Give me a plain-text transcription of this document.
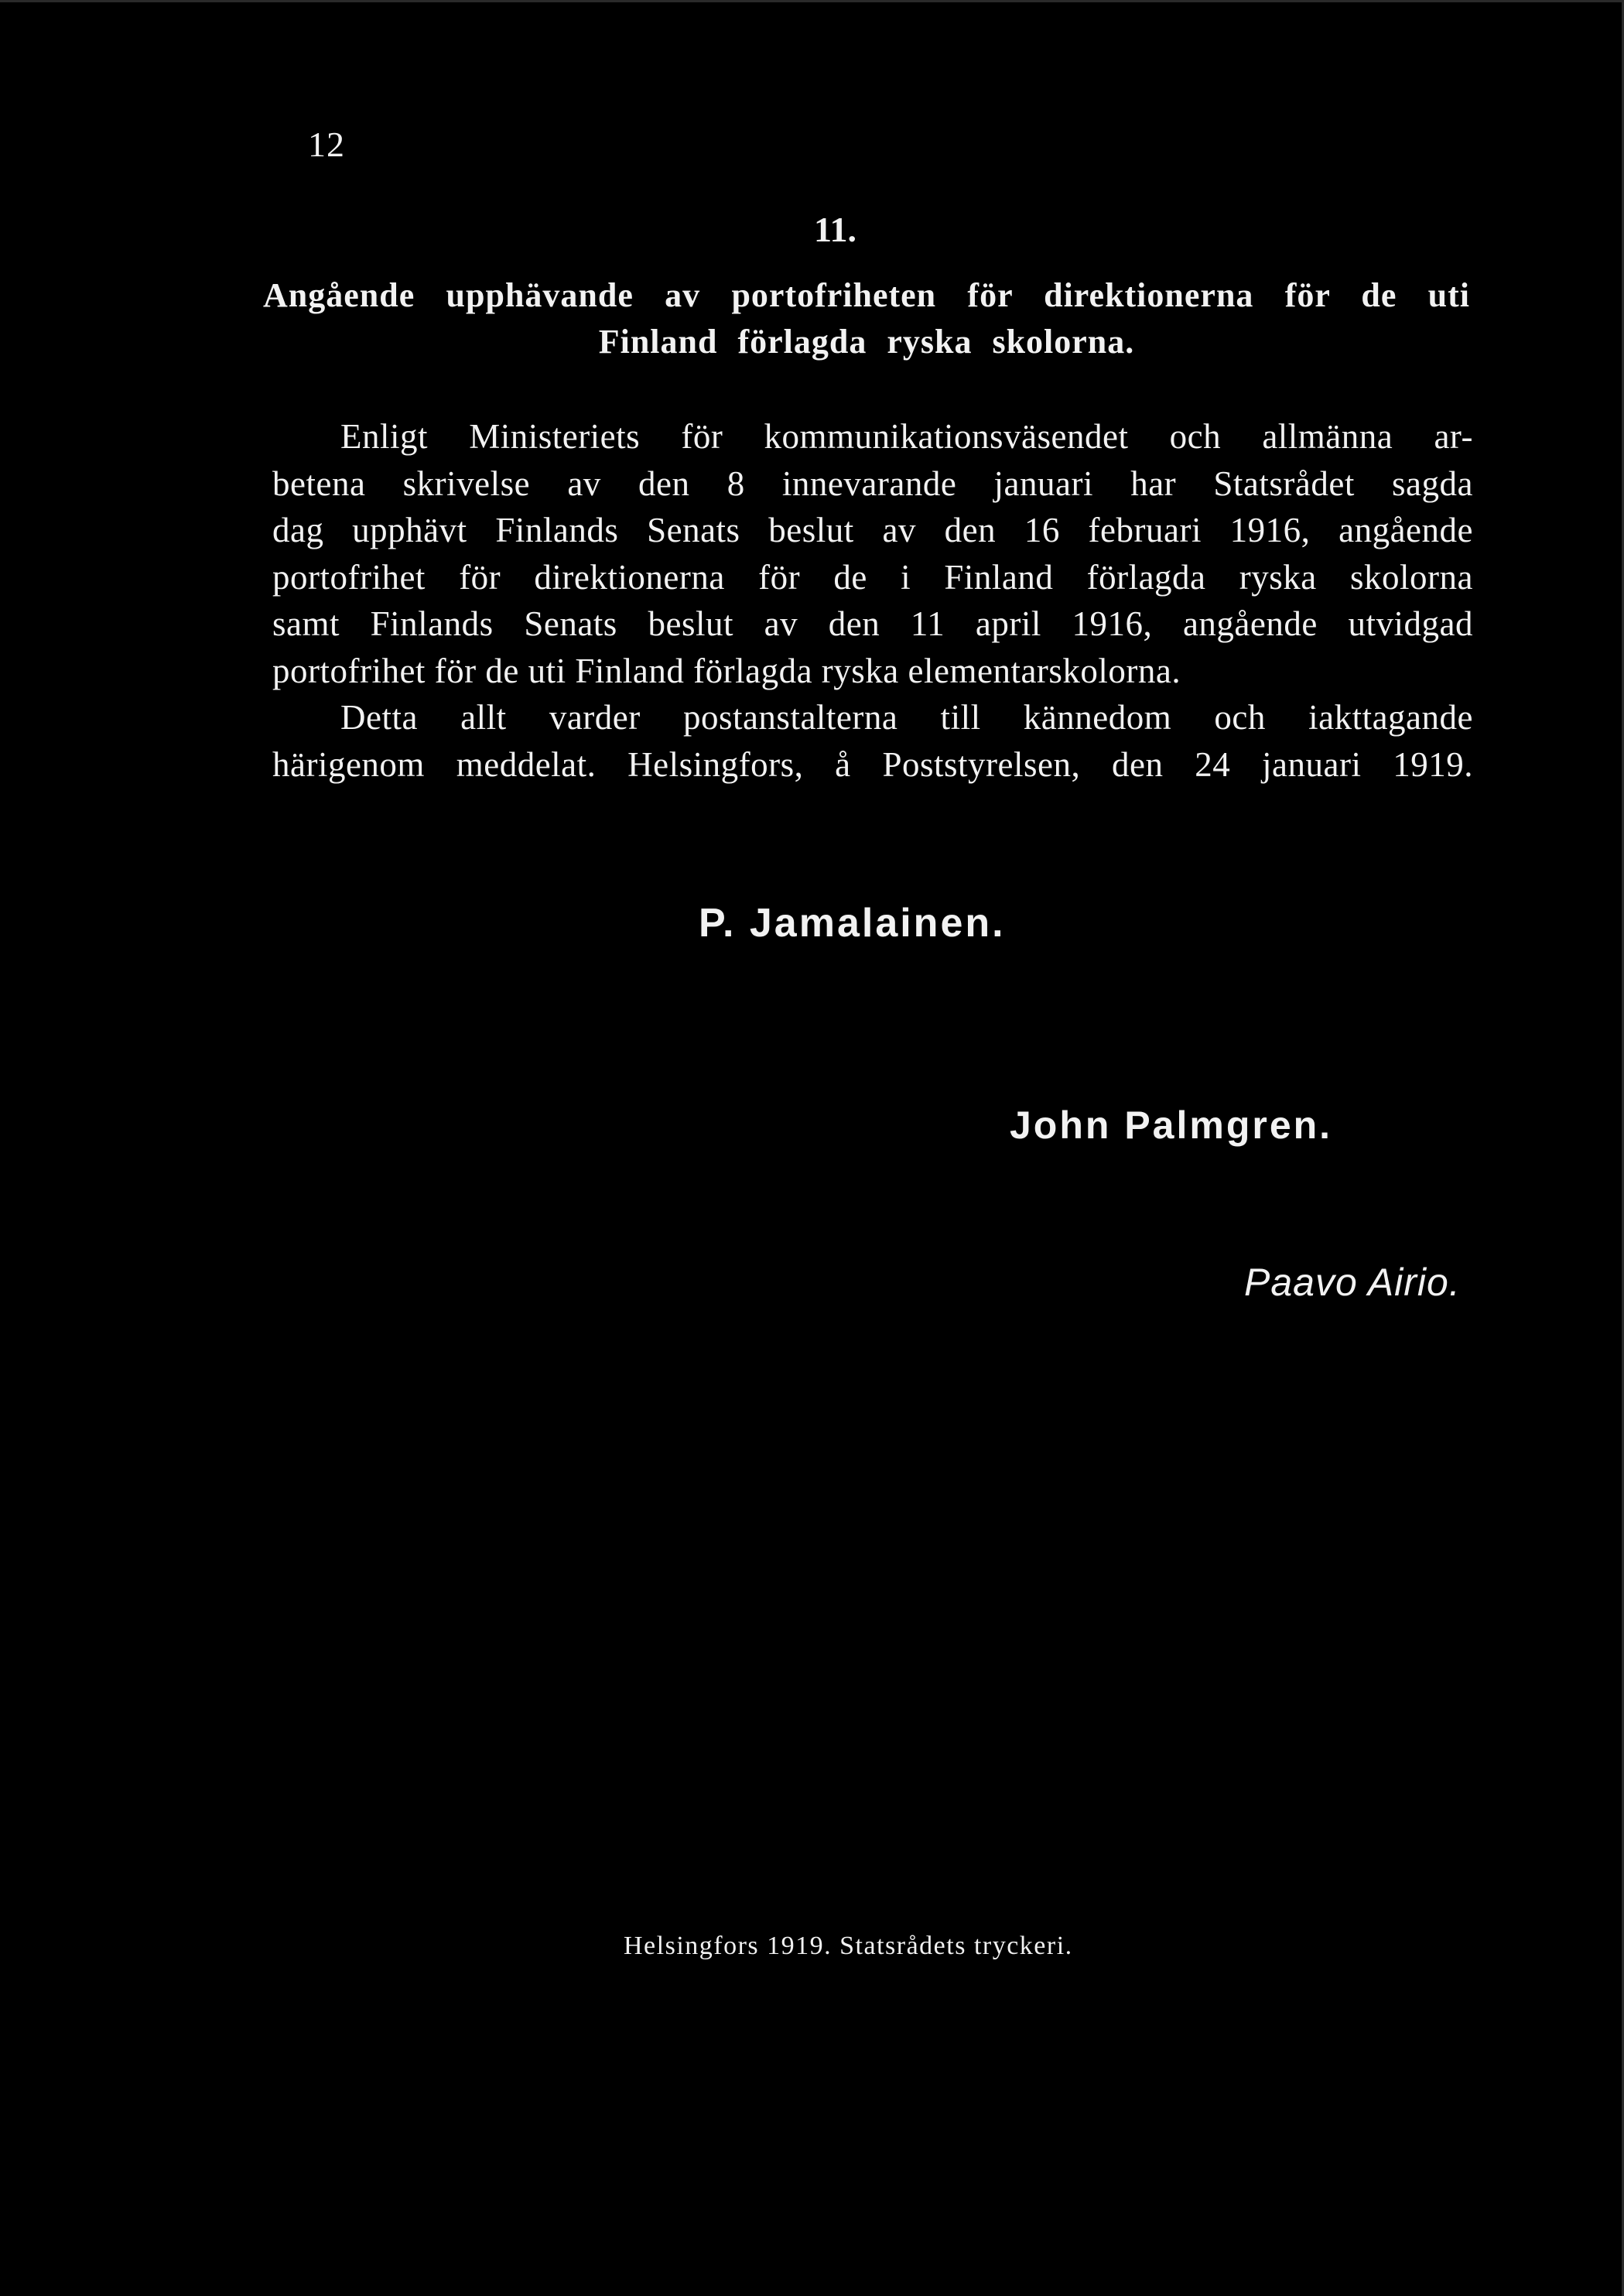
12
11.
Angående upphävande av portofriheten för direktionerna för de uti
Finland förlagda ryska skolorna.
Enligt Ministeriets för kommunikationsväsendet och allmänna ar-
betena skrivelse av den 8 innevarande januari har Statsrådet sagda
dag upphävt Finlands Senats beslut av den 16 februari 1916, angående
portofrihet för direktionerna för de i Finland förlagda ryska skolorna
samt Finlands Senats beslut av den 11 april 1916, angående utvidgad
portofrihet för de uti Finland förlagda ryska elementarskolorna.
Detta allt varder postanstalterna till kännedom och iakttagande
härigenom meddelat. Helsingfors, å Poststyrelsen, den 24 januari 1919.
P. Jamalainen.
John Palmgren.
Paavo Airio.
Helsingfors 1919. Statsrådets tryckeri.
